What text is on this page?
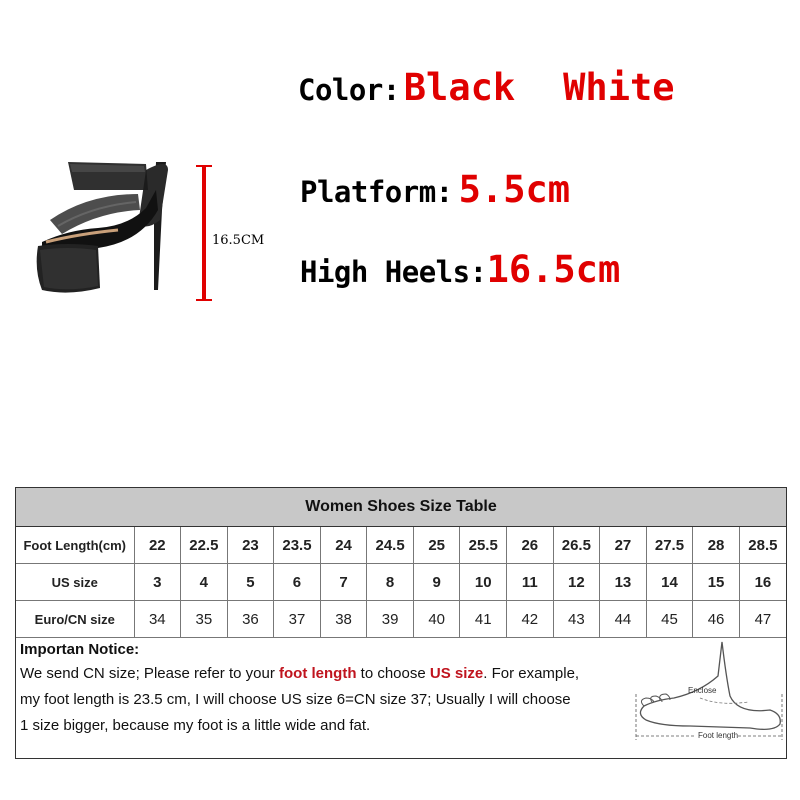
16.5CM
Color: Black White
Platform: 5.5cm
High Heels: 16.5cm
Women Shoes Size Table
Foot Length(cm)	22	22.5	23	23.5	24	24.5	25	25.5	26	26.5	27	27.5	28	28.5
US size	3	4	5	6	7	8	9	10	11	12	13	14	15	16
Euro/CN size	34	35	36	37	38	39	40	41	42	43	44	45	46	47
Importan Notice:
We send CN size; Please refer to your foot length to choose US size. For example,
my foot length is 23.5 cm, I will choose US size 6=CN size 37; Usually I will choose
1 size bigger, because my foot is a little wide and fat.
Enclose
Foot length
